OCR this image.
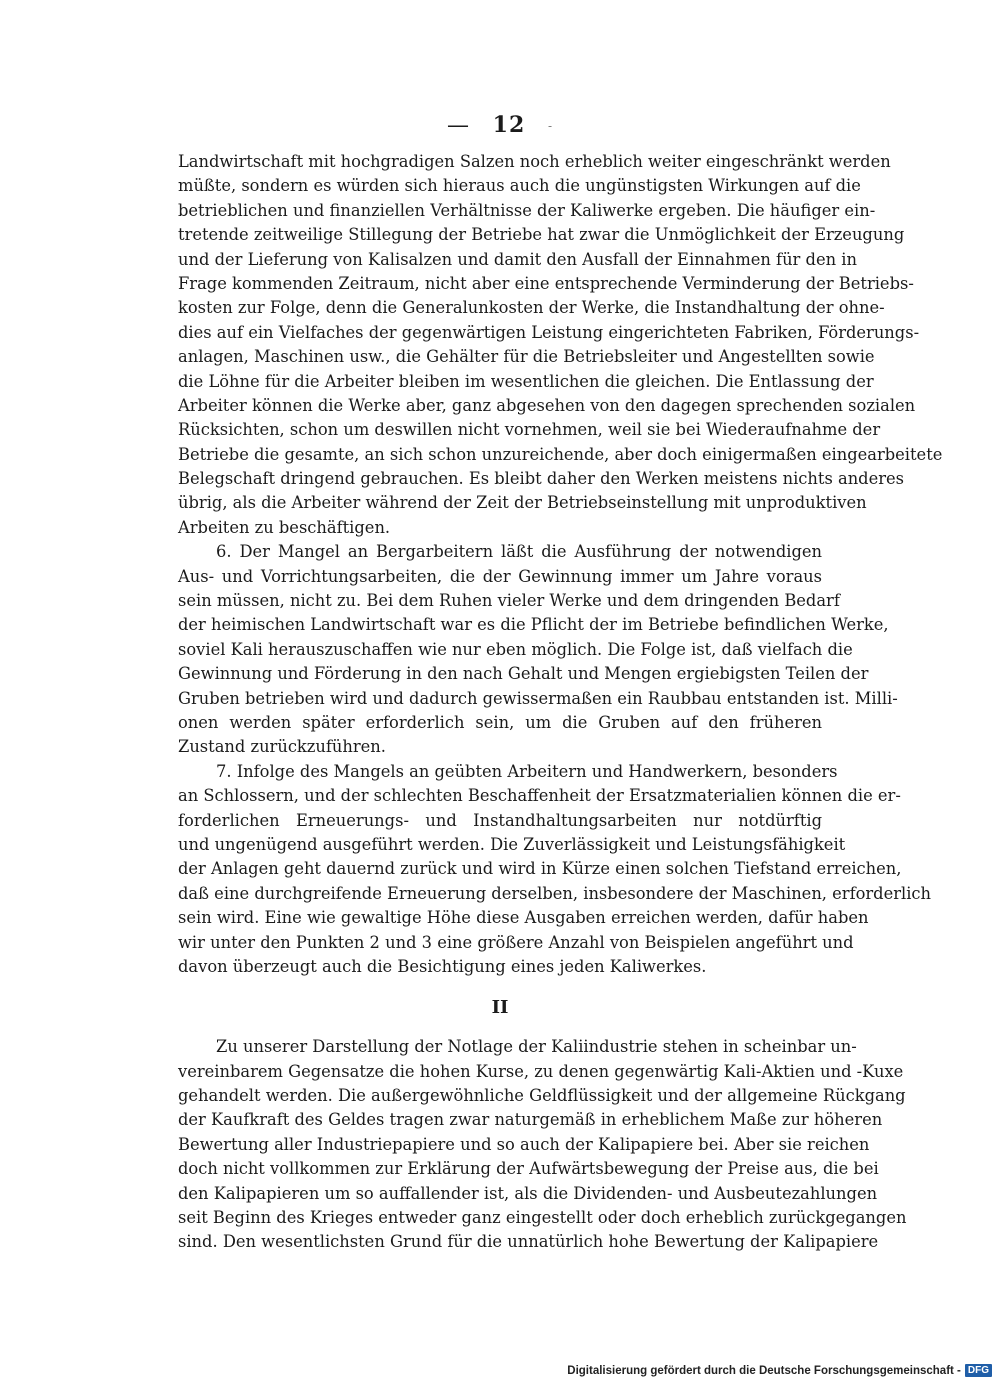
— 12 -
Landwirtschaft mit hochgradigen Salzen noch erheblich weiter eingeschränkt werden
müßte, sondern es würden sich hieraus auch die ungünstigsten Wirkungen auf die
betrieblichen und finanziellen Verhältnisse der Kaliwerke ergeben. Die häufiger ein-
tretende zeitweilige Stillegung der Betriebe hat zwar die Unmöglichkeit der Erzeugung
und der Lieferung von Kalisalzen und damit den Ausfall der Einnahmen für den in
Frage kommenden Zeitraum, nicht aber eine entsprechende Verminderung der Betriebs-
kosten zur Folge, denn die Generalunkosten der Werke, die Instandhaltung der ohne-
dies auf ein Vielfaches der gegenwärtigen Leistung eingerichteten Fabriken, Förderungs-
anlagen, Maschinen usw., die Gehälter für die Betriebsleiter und Angestellten sowie
die Löhne für die Arbeiter bleiben im wesentlichen die gleichen. Die Entlassung der
Arbeiter können die Werke aber, ganz abgesehen von den dagegen sprechenden sozialen
Rücksichten, schon um deswillen nicht vornehmen, weil sie bei Wiederaufnahme der
Betriebe die gesamte, an sich schon unzureichende, aber doch einigermaßen eingearbeitete
Belegschaft dringend gebrauchen. Es bleibt daher den Werken meistens nichts anderes
übrig, als die Arbeiter während der Zeit der Betriebseinstellung mit unproduktiven
Arbeiten zu beschäftigen.
6. Der Mangel an Bergarbeitern läßt die Ausführung der notwendigen
Aus- und Vorrichtungsarbeiten, die der Gewinnung immer um Jahre voraus
sein müssen, nicht zu. Bei dem Ruhen vieler Werke und dem dringenden Bedarf
der heimischen Landwirtschaft war es die Pflicht der im Betriebe befindlichen Werke,
soviel Kali herauszuschaffen wie nur eben möglich. Die Folge ist, daß vielfach die
Gewinnung und Förderung in den nach Gehalt und Mengen ergiebigsten Teilen der
Gruben betrieben wird und dadurch gewissermaßen ein Raubbau entstanden ist. Milli-
onen werden später erforderlich sein, um die Gruben auf den früheren
Zustand zurückzuführen.
7. Infolge des Mangels an geübten Arbeitern und Handwerkern, besonders
an Schlossern, und der schlechten Beschaffenheit der Ersatzmaterialien können die er-
forderlichen Erneuerungs- und Instandhaltungsarbeiten nur notdürftig
und ungenügend ausgeführt werden. Die Zuverlässigkeit und Leistungsfähigkeit
der Anlagen geht dauernd zurück und wird in Kürze einen solchen Tiefstand erreichen,
daß eine durchgreifende Erneuerung derselben, insbesondere der Maschinen, erforderlich
sein wird. Eine wie gewaltige Höhe diese Ausgaben erreichen werden, dafür haben
wir unter den Punkten 2 und 3 eine größere Anzahl von Beispielen angeführt und
davon überzeugt auch die Besichtigung eines jeden Kaliwerkes.
II
Zu unserer Darstellung der Notlage der Kaliindustrie stehen in scheinbar un-
vereinbarem Gegensatze die hohen Kurse, zu denen gegenwärtig Kali-Aktien und -Kuxe
gehandelt werden. Die außergewöhnliche Geldflüssigkeit und der allgemeine Rückgang
der Kaufkraft des Geldes tragen zwar naturgemäß in erheblichem Maße zur höheren
Bewertung aller Industriepapiere und so auch der Kalipapiere bei. Aber sie reichen
doch nicht vollkommen zur Erklärung der Aufwärtsbewegung der Preise aus, die bei
den Kalipapieren um so auffallender ist, als die Dividenden- und Ausbeutezahlungen
seit Beginn des Krieges entweder ganz eingestellt oder doch erheblich zurückgegangen
sind. Den wesentlichsten Grund für die unnatürlich hohe Bewertung der Kalipapiere
Digitalisierung gefördert durch die Deutsche Forschungsgemeinschaft - DFG
